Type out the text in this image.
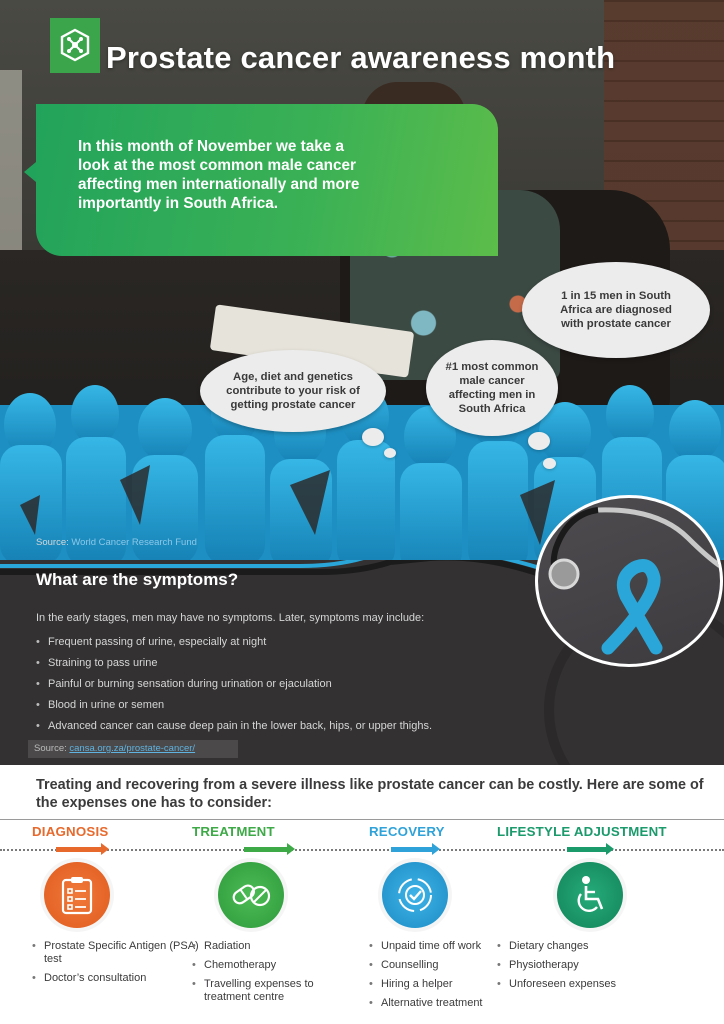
Prostate cancer awareness month
In this month of November we take a look at the most common male cancer affecting men internationally and more importantly in South Africa.
1 in 15 men in South Africa are diagnosed with prostate cancer
Age, diet and genetics contribute to your risk of getting prostate cancer
#1 most common male cancer affecting men in South Africa
Source: World Cancer Research Fund
What are the symptoms?
In the early stages, men may have no symptoms. Later, symptoms may include:
• Frequent passing of urine, especially at night
• Straining to pass urine
• Painful or burning sensation during urination or ejaculation
• Blood in urine or semen
• Advanced cancer can cause deep pain in the lower back, hips, or upper thighs.
Source: cansa.org.za/prostate-cancer/
Treating and recovering from a severe illness like prostate cancer can be costly. Here are some of the expenses one has to consider:
DIAGNOSIS
• Prostate Specific Antigen (PSA) test
• Doctor’s consultation
TREATMENT
• Radiation
• Chemotherapy
• Travelling expenses to treatment centre
RECOVERY
• Unpaid time off work
• Counselling
• Hiring a helper
• Alternative treatment
LIFESTYLE ADJUSTMENT
• Dietary changes
• Physiotherapy
• Unforeseen expenses
